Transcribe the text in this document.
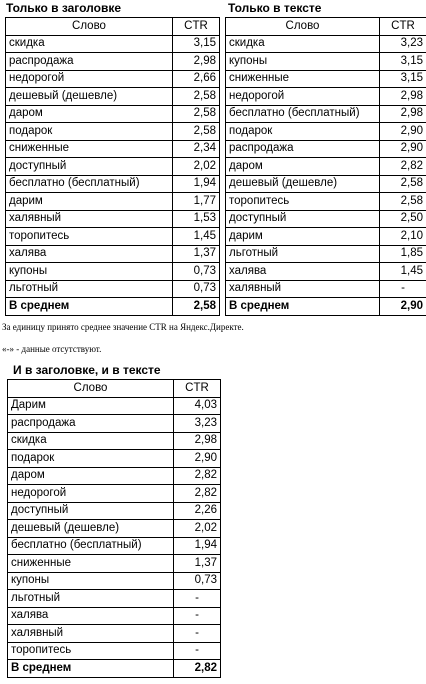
Только в заголовке	Только в тексте
Слово	CTR
скидка	3,15
распродажа	2,98
недорогой	2,66
дешевый (дешевле)	2,58
даром	2,58
подарок	2,58
сниженные	2,34
доступный	2,02
бесплатно (бесплатный)	1,94
дарим	1,77
халявный	1,53
торопитесь	1,45
халява	1,37
купоны	0,73
льготный	0,73
В среднем	2,58
Слово	CTR
скидка	3,23
купоны	3,15
сниженные	3,15
недорогой	2,98
бесплатно (бесплатный)	2,98
подарок	2,90
распродажа	2,90
даром	2,82
дешевый (дешевле)	2,58
торопитесь	2,58
доступный	2,50
дарим	2,10
льготный	1,85
халява	1,45
халявный	-
В среднем	2,90
За единицу принято среднее значение CTR на Яндекс.Директе.
«-» - данные отсутствуют.
И в заголовке, и в тексте
Слово	CTR
Дарим	4,03
распродажа	3,23
скидка	2,98
подарок	2,90
даром	2,82
недорогой	2,82
доступный	2,26
дешевый (дешевле)	2,02
бесплатно (бесплатный)	1,94
сниженные	1,37
купоны	0,73
льготный	-
халява	-
халявный	-
торопитесь	-
В среднем	2,82
